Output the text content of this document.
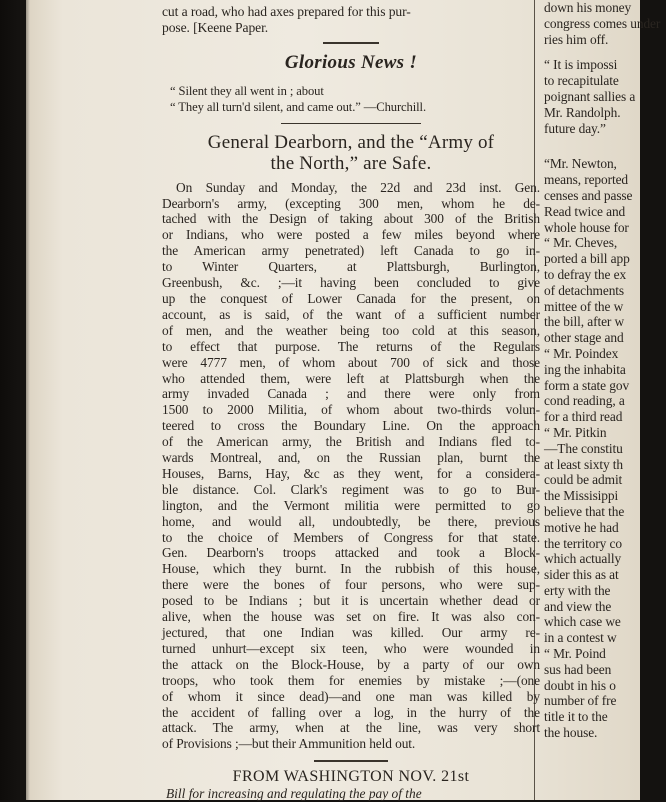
cut a road, who had axes prepared for this pur-
pose. [Keene Paper.
Glorious News !
“ Silent they all went in ; about
“ They all turn'd silent, and came out.” —Churchill.
General Dearborn, and the “Army of
the North,” are Safe.
On Sunday and Monday, the 22d and 23d inst. Gen.
Dearborn's army, (excepting 300 men, whom he de-
tached with the Design of taking about 300 of the British
or Indians, who were posted a few miles beyond where
the American army penetrated) left Canada to go in-
to Winter Quarters, at Plattsburgh, Burlington,
Greenbush, &c. ;—it having been concluded to give
up the conquest of Lower Canada for the present, on
account, as is said, of the want of a sufficient number
of men, and the weather being too cold at this season,
to effect that purpose. The returns of the Regulars
were 4777 men, of whom about 700 of sick and those
who attended them, were left at Plattsburgh when the
army invaded Canada ; and there were only from
1500 to 2000 Militia, of whom about two-thirds volun-
teered to cross the Boundary Line. On the approach
of the American army, the British and Indians fled to-
wards Montreal, and, on the Russian plan, burnt the
Houses, Barns, Hay, &c as they went, for a considera-
ble distance. Col. Clark's regiment was to go to Bur-
lington, and the Vermont militia were permitted to go
home, and would all, undoubtedly, be there, previous
to the choice of Members of Congress for that state.
Gen. Dearborn's troops attacked and took a Block-
House, which they burnt. In the rubbish of this house,
there were the bones of four persons, who were sup-
posed to be Indians ; but it is uncertain whether dead or
alive, when the house was set on fire. It was also con-
jectured, that one Indian was killed. Our army re-
turned unhurt—except six teen, who were wounded in
the attack on the Block-House, by a party of our own
troops, who took them for enemies by mistake ;—(one
of whom it since dead)—and one man was killed by
the accident of falling over a log, in the hurry of the
attack. The army, when at the line, was very short
of Provisions ;—but their Ammunition held out.
FROM WASHINGTON NOV. 21st
Bill for increasing and regulating the pay of the
down his money
congress comes under
ries him off.
“ It is impossi
to recapitulate
poignant sallies a
Mr. Randolph.
future day.”
“Mr. Newton,
means, reported
censes and passe
Read twice and
whole house for
“ Mr. Cheves,
ported a bill app
to defray the ex
of detachments
mittee of the w
the bill, after w
other stage and
“ Mr. Poindex
ing the inhabita
form a state gov
cond reading, a
for a third read
“ Mr. Pitkin
—The constitu
at least sixty th
could be admit
the Missisippi
believe that the
motive he had
the territory co
which actually
sider this as at
erty with the
and view the
which case we
in a contest w
“ Mr. Poind
sus had been
doubt in his o
number of fre
title it to the
the house.
